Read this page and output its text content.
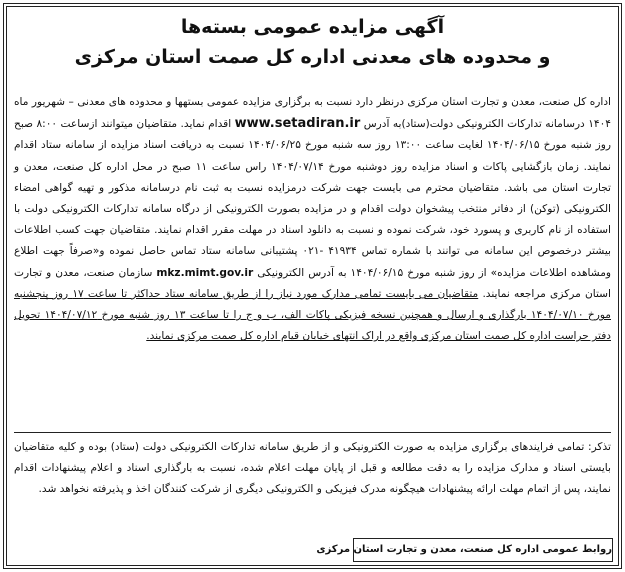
آگهی مزایده عمومی بسته‌ها
و محدوده های معدنی اداره کل صمت استان مرکزی

اداره کل صنعت، معدن و تجارت استان مرکزی درنظر دارد نسبت به برگزاری مزایده عمومی بستهها و محدوده های معدنی – شهریور ماه ۱۴۰۴ درسامانه تدارکات الکترونیکی دولت(ستاد)به آدرس www.setadiran.ir اقدام نماید. متقاضیان میتوانند ازساعت ۸:۰۰ صبح روز شنبه مورخ ۱۴۰۴/۰۶/۱۵ لغایت ساعت ۱۳:۰۰ روز سه شنبه مورخ ۱۴۰۴/۰۶/۲۵ نسبت به دریافت اسناد مزایده از سامانه ستاد اقدام نمایند. زمان بازگشایی پاکات و اسناد مزایده روز دوشنبه مورخ ۱۴۰۴/۰۷/۱۴ راس ساعت ۱۱ صبح در محل اداره کل صنعت، معدن و تجارت استان می باشد. متقاضیان محترم می بایست جهت شرکت درمزایده نسبت به ثبت نام درسامانه مذکور و تهیه گواهی امضاء الکترونیکی (توکن) از دفاتر منتخب پیشخوان دولت اقدام و در مزایده بصورت الکترونیکی از درگاه سامانه تدارکات الکترونیکی دولت با استفاده از نام کاربری و پسورد خود، شرکت نموده و نسبت به دانلود اسناد در مهلت مقرر اقدام نمایند. متقاضیان جهت کسب اطلاعات بیشتر درخصوص این سامانه می توانند با شماره تماس ۴۱۹۳۴ -۰۲۱ پشتیبانی سامانه ستاد تماس حاصل نموده و«صرفاً جهت اطلاع ومشاهده اطلاعات مزایده» از روز شنبه مورخ ۱۴۰۴/۰۶/۱۵ به آدرس الکترونیکی mkz.mimt.gov.ir سازمان صنعت، معدن و تجارت استان مرکزی مراجعه نمایند. متقاضیان می بایست تمامی مدارک مورد نیاز را از طریق سامانه ستاد حداکثر تا ساعت ۱۷ روز پنجشنبه مورخ ۱۴۰۴/۰۷/۱۰ بارگذاری و ارسال و همچنین نسخه فیزیکی پاکات الف، ب و ج را تا ساعت ۱۳ روز شنبه مورخ ۱۴۰۴/۰۷/۱۲ تحویل دفتر حراست اداره کل صمت استان مرکزی واقع در اراک انتهای خیابان قیام اداره کل صمت مرکزی نمایند.

تذکر: تمامی فرایندهای برگزاری مزایده به صورت الکترونیکی و از طریق سامانه تدارکات الکترونیکی دولت (ستاد) بوده و کلیه متقاضیان بایستی اسناد و مدارک مزایده را به دقت مطالعه و قبل از پایان مهلت اعلام شده، نسبت به بارگذاری اسناد و اعلام پیشنهادات اقدام نمایند، پس از اتمام مهلت ارائه پیشنهادات هیچگونه مدرک فیزیکی و الکترونیکی دیگری از شرکت کنندگان اخذ و پذیرفته نخواهد شد.

روابط عمومی اداره کل صنعت، معدن و تجارت استان مرکزی
